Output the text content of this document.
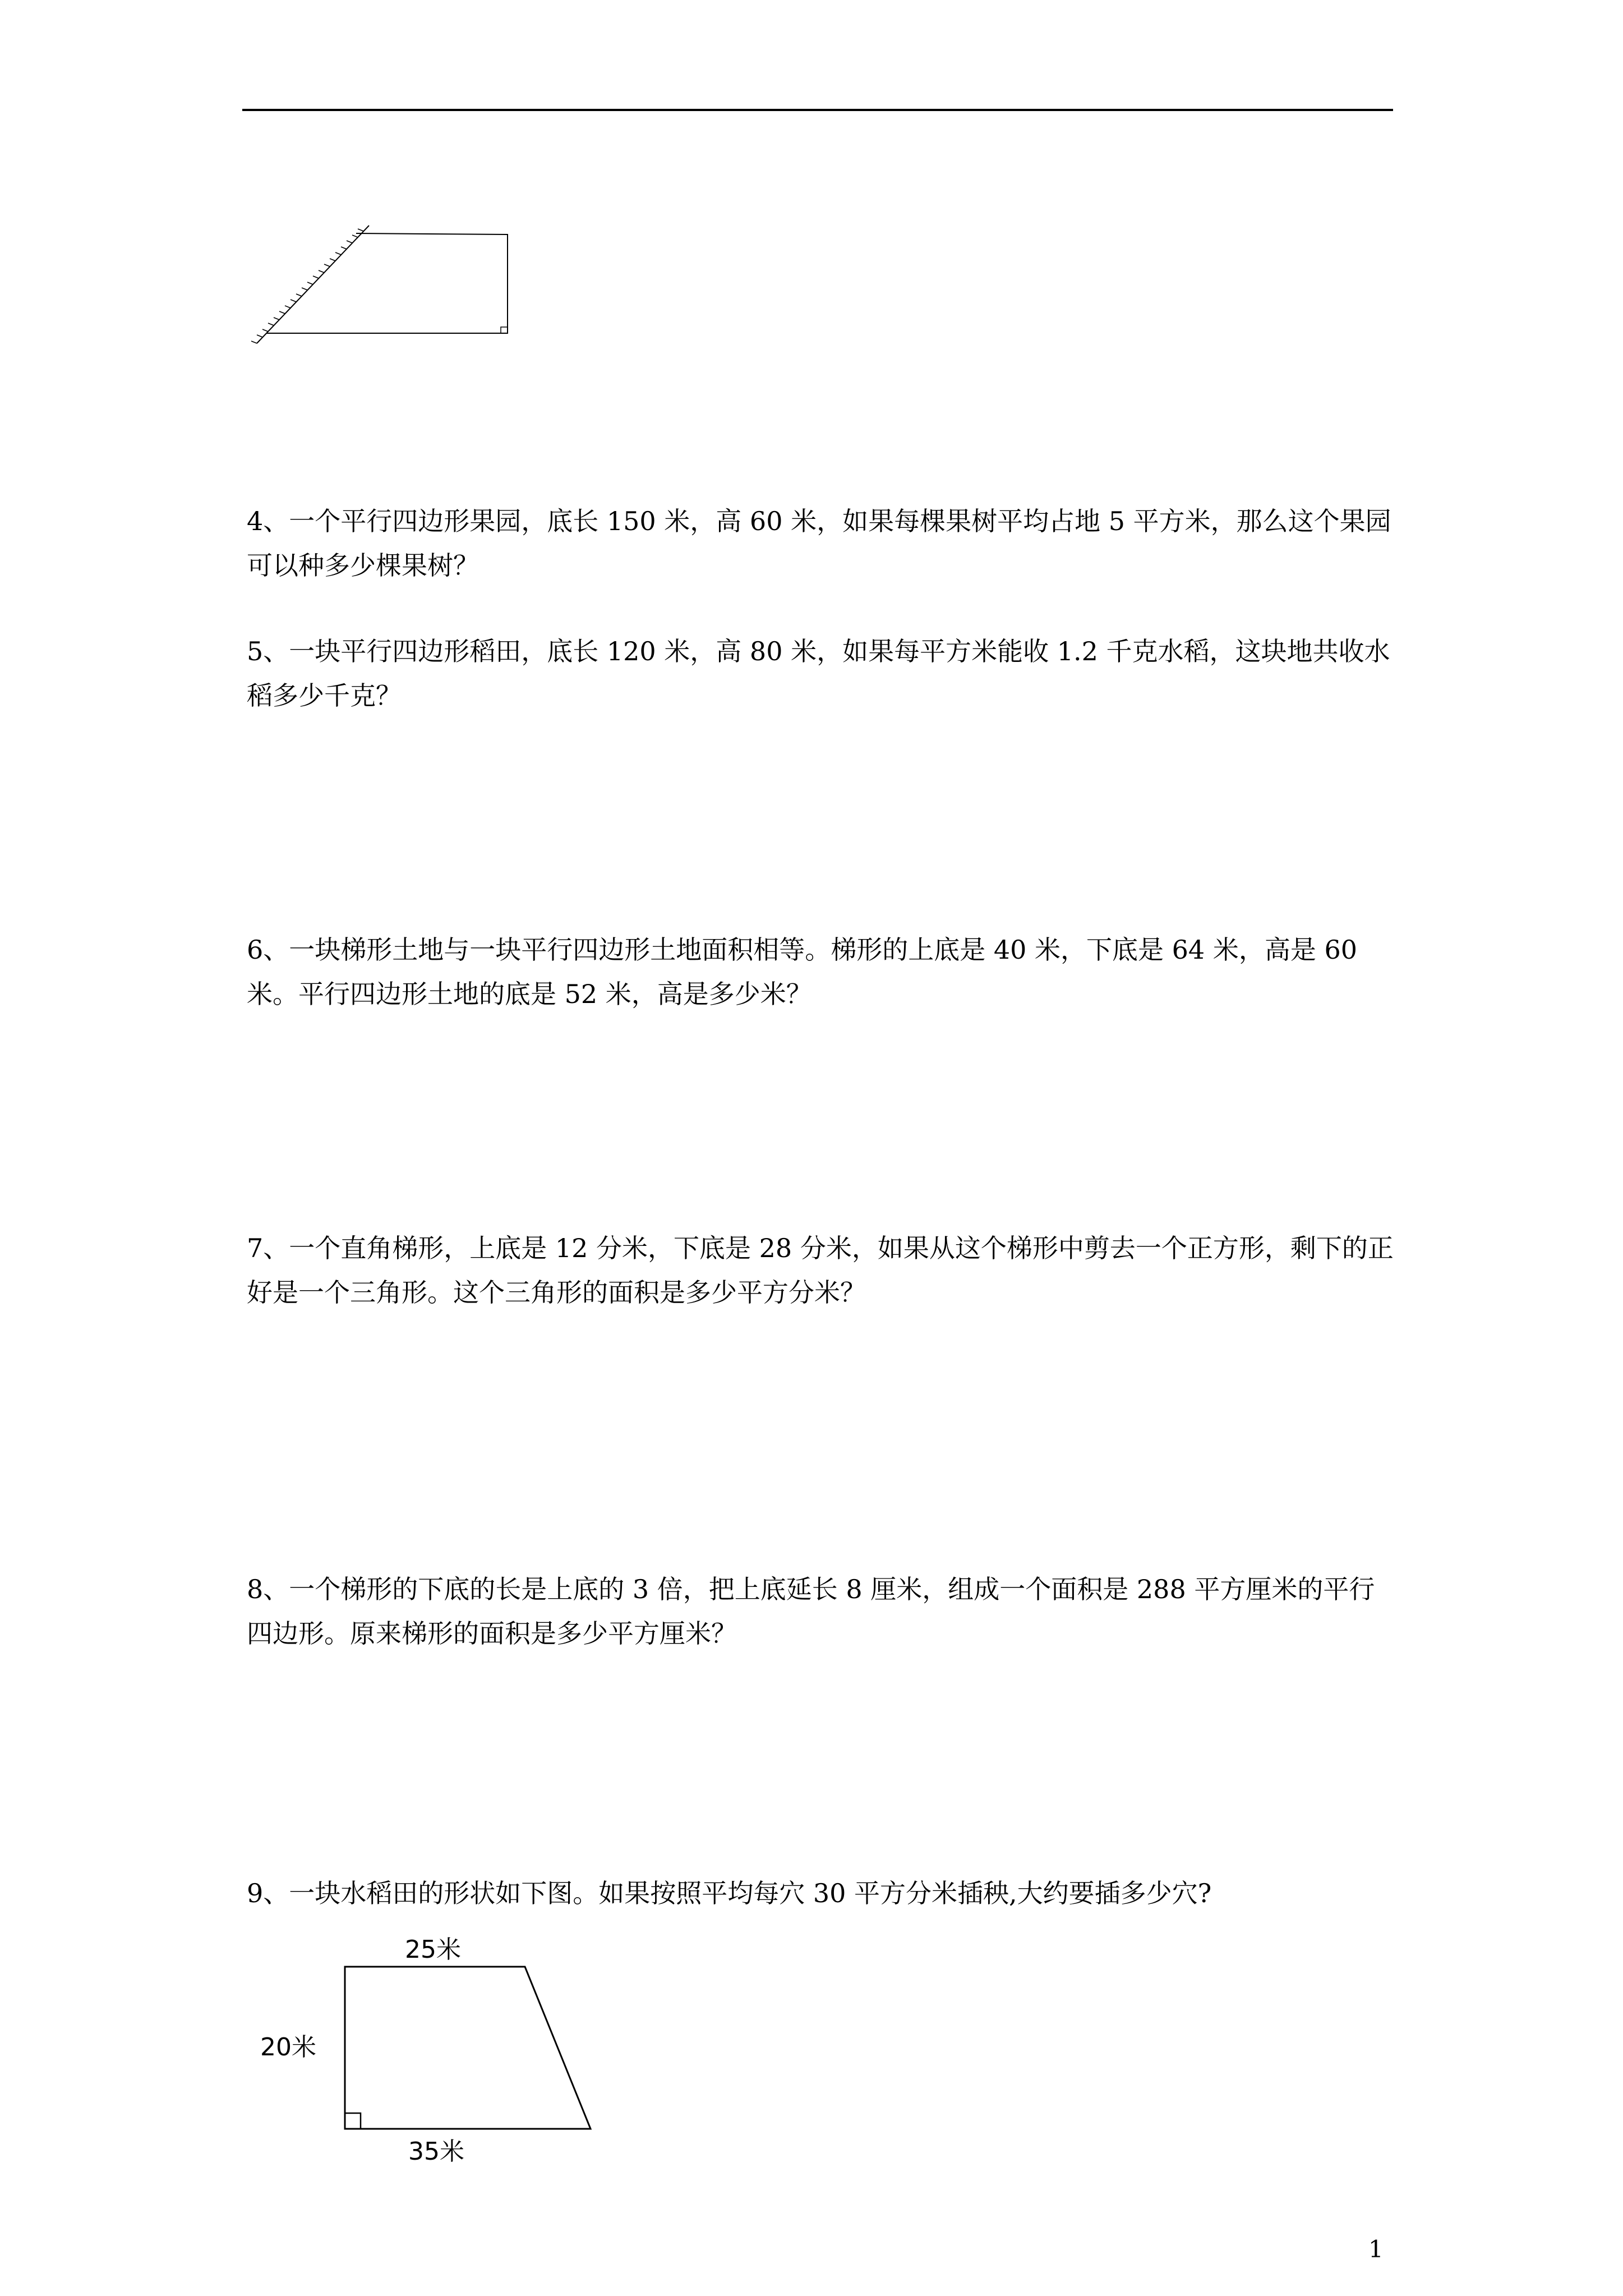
4、一个平行四边形果园，底长 150 米，高 60 米，如果每棵果树平均占地 5 平方米，那么这个果园可以种多少棵果树？

5、一块平行四边形稻田，底长 120 米，高 80 米，如果每平方米能收 1.2 千克水稻，这块地共收水稻多少千克？

6、一块梯形土地与一块平行四边形土地面积相等。梯形的上底是 40 米，下底是 64 米，高是 60 米。平行四边形土地的底是 52 米，高是多少米？

7、一个直角梯形，上底是 12 分米，下底是 28 分米，如果从这个梯形中剪去一个正方形，剩下的正好是一个三角形。这个三角形的面积是多少平方分米？

8、一个梯形的下底的长是上底的 3 倍，把上底延长 8 厘米，组成一个面积是 288 平方厘米的平行四边形。原来梯形的面积是多少平方厘米？

9、一块水稻田的形状如下图。如果按照平均每穴 30 平方分米插秧,大约要插多少穴?

25米
20米
35米

1
